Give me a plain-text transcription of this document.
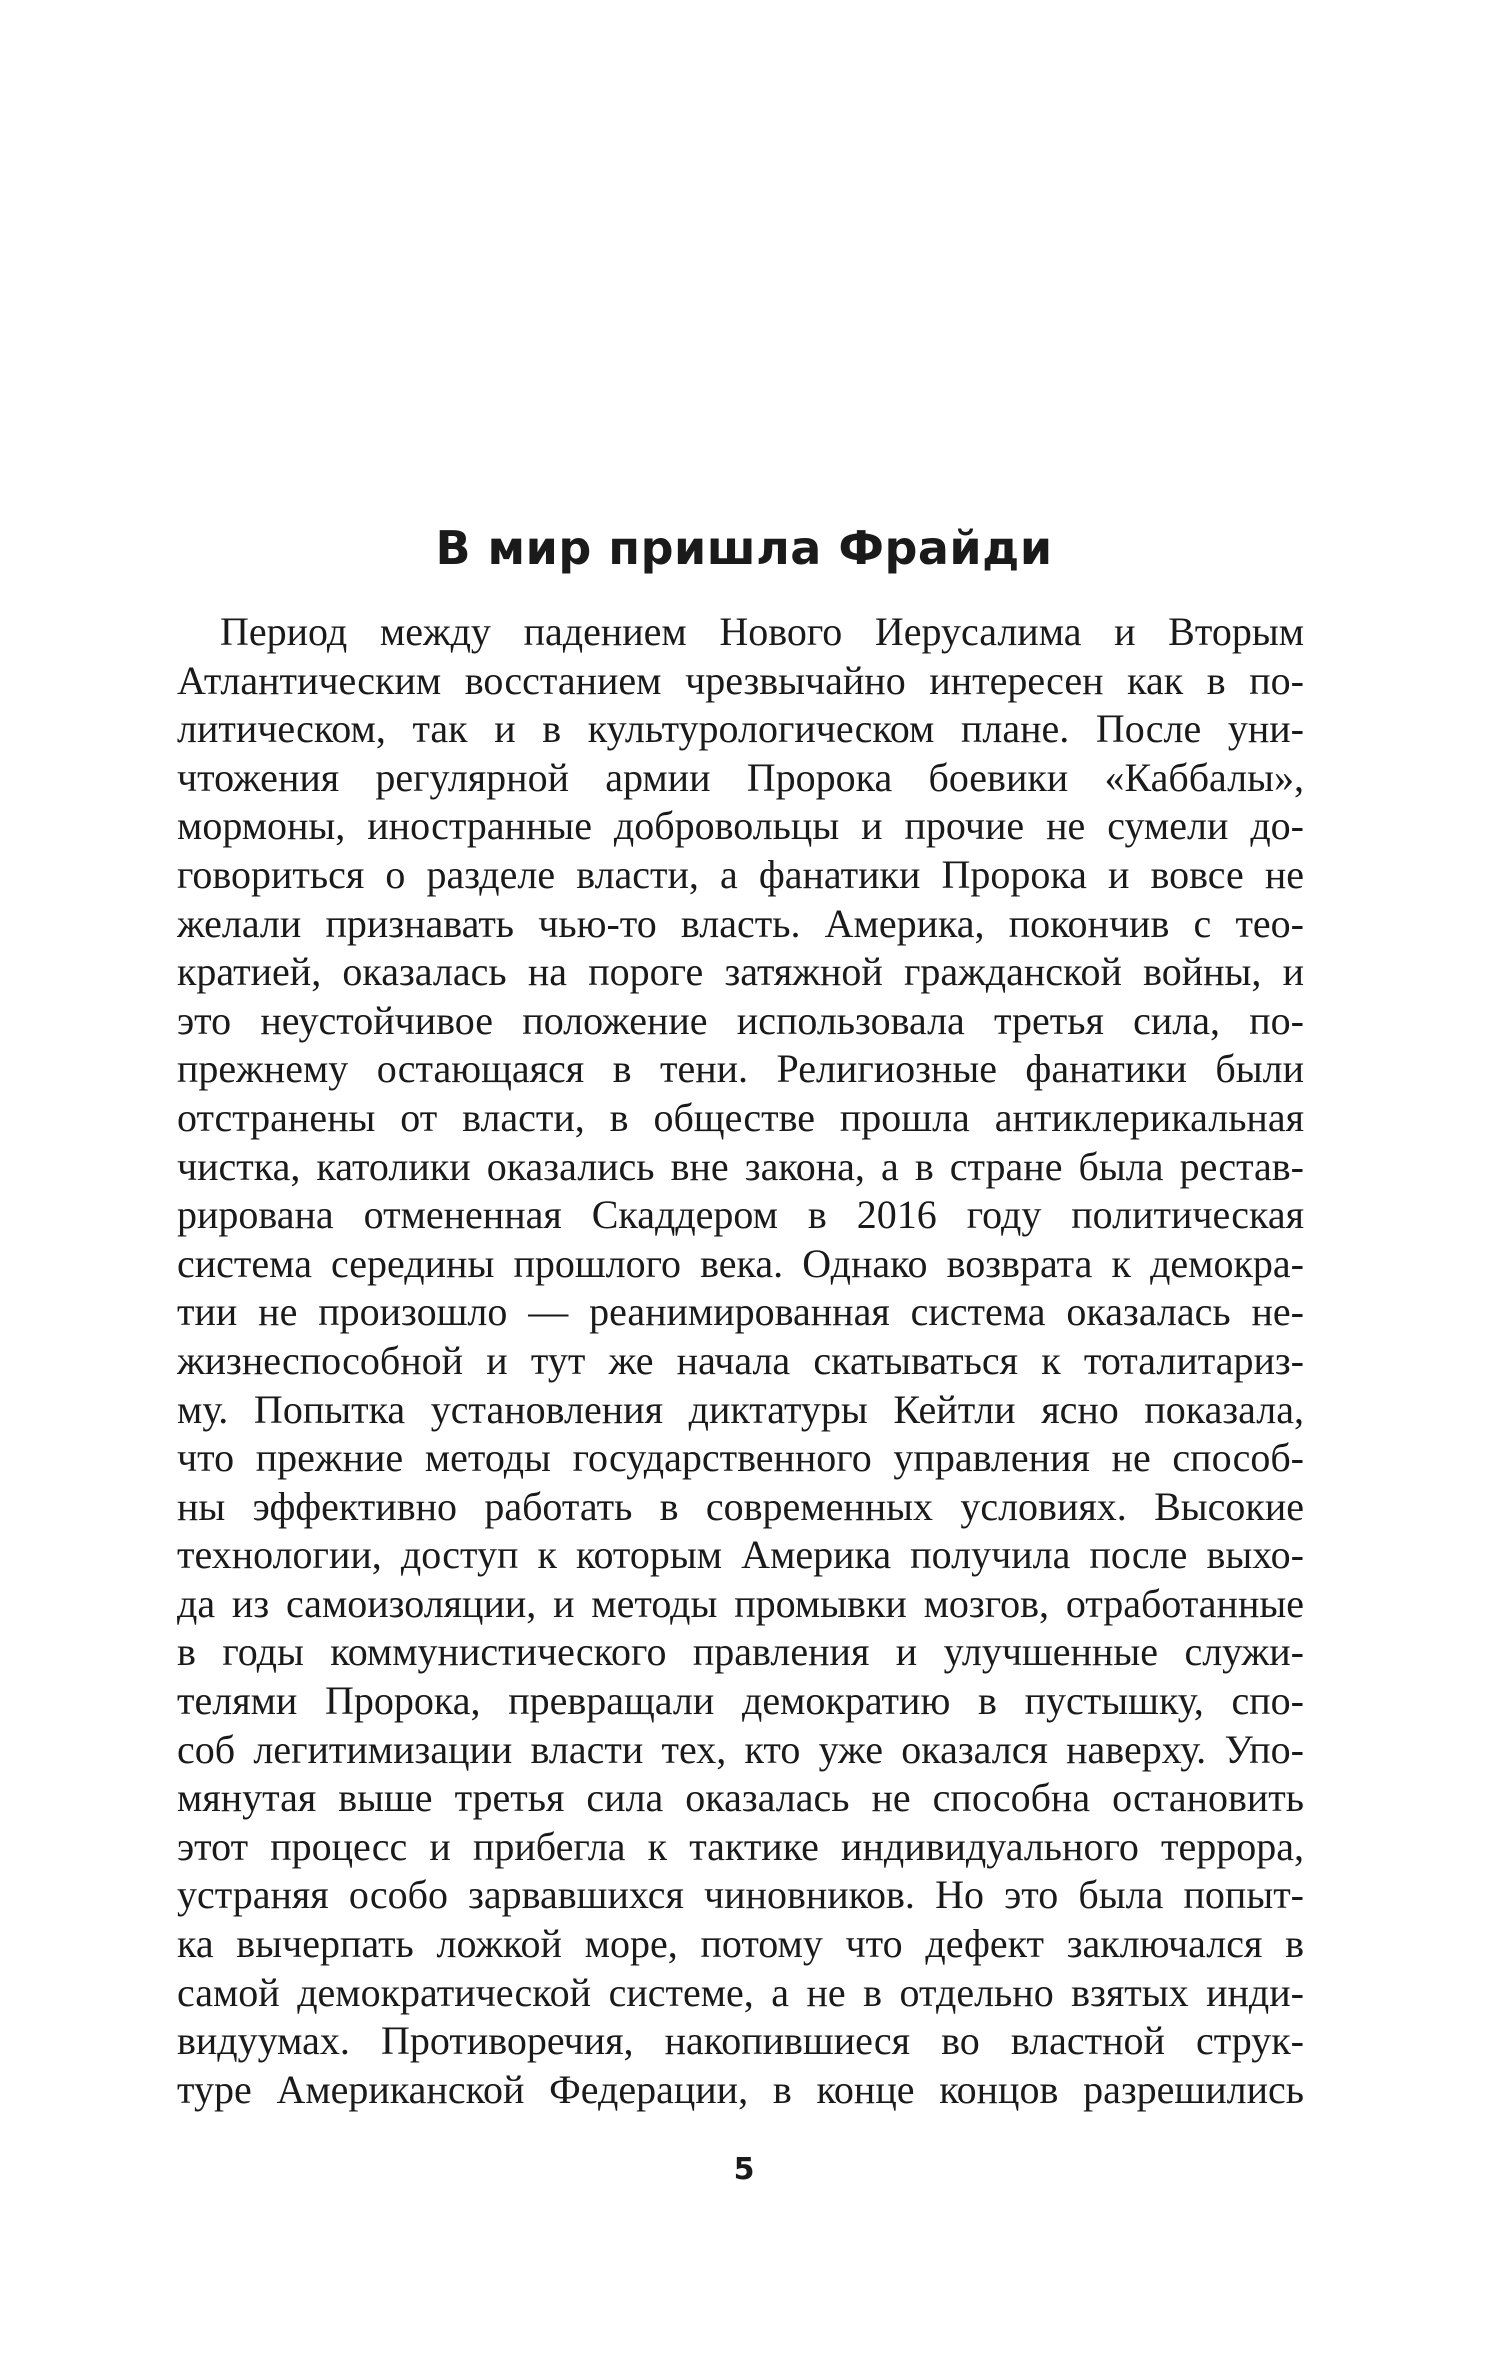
В мир пришла Фрайди
Период между падением Нового Иерусалима и Вторым
Атлантическим восстанием чрезвычайно интересен как в по-
литическом, так и в культурологическом плане. После уни-
чтожения регулярной армии Пророка боевики «Каббалы»,
мормоны, иностранные добровольцы и прочие не сумели до-
говориться о разделе власти, а фанатики Пророка и вовсе не
желали признавать чью-то власть. Америка, покончив с тео-
кратией, оказалась на пороге затяжной гражданской войны, и
это неустойчивое положение использовала третья сила, по-
прежнему остающаяся в тени. Религиозные фанатики были
отстранены от власти, в обществе прошла антиклерикальная
чистка, католики оказались вне закона, а в стране была рестав-
рирована отмененная Скаддером в 2016 году политическая
система середины прошлого века. Однако возврата к демокра-
тии не произошло — реанимированная система оказалась не-
жизнеспособной и тут же начала скатываться к тоталитариз-
му. Попытка установления диктатуры Кейтли ясно показала,
что прежние методы государственного управления не способ-
ны эффективно работать в современных условиях. Высокие
технологии, доступ к которым Америка получила после выхо-
да из самоизоляции, и методы промывки мозгов, отработанные
в годы коммунистического правления и улучшенные служи-
телями Пророка, превращали демократию в пустышку, спо-
соб легитимизации власти тех, кто уже оказался наверху. Упо-
мянутая выше третья сила оказалась не способна остановить
этот процесс и прибегла к тактике индивидуального террора,
устраняя особо зарвавшихся чиновников. Но это была попыт-
ка вычерпать ложкой море, потому что дефект заключался в
самой демократической системе, а не в отдельно взятых инди-
видуумах. Противоречия, накопившиеся во властной струк-
туре Американской Федерации, в конце концов разрешились
5
